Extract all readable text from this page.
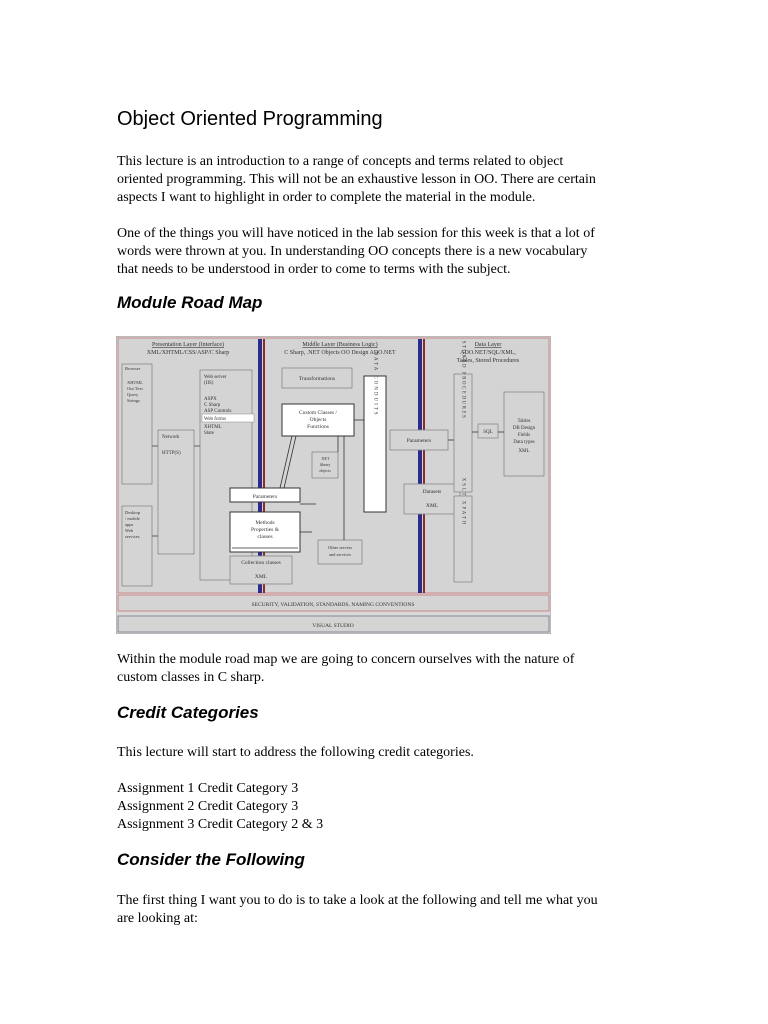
Object Oriented Programming

This lecture is an introduction to a range of concepts and terms related to object
oriented programming. This will not be an exhaustive lesson in OO. There are certain
aspects I want to highlight in order to complete the material in the module.

One of the things you will have noticed in the lab session for this week is that a lot of
words were thrown at you. In understanding OO concepts there is a new vocabulary
that needs to be understood in order to come to terms with the subject.

Module Road Map
Presentation Layer (Interface)
XML/XHTML/CSS/ASP/C Sharp
Middle Layer (Business Logic)
C Sharp, .NET Objects OO Design ADO.NET
Data Layer
ADO.NET/SQL/XML,
Tables, Stored Procedures
Browser
XHTML
Out Text
Query
Strings
Desktop
/ mobile
apps
Web
services
Network
HTTP(S)
Web server
(IIS)
ASPX
C Sharp
ASP Controls
Web forms
XHTML
State
Transformations
Custom Classes /
Objects
Functions
.NET
library
objects
Parameters
Methods
Properties &
classes
Collection classes
XML
Other servers
and services
DATA CONDUITS
Parameters
Datasets
XML
STORED PROCEDURES
XSLT XPATH
SQL
Tables
DB Design
Fields
Data types
XML
SECURITY, VALIDATION, STANDARDS, NAMING CONVENTIONS
VISUAL STUDIO

Within the module road map we are going to concern ourselves with the nature of
custom classes in C sharp.

Credit Categories

This lecture will start to address the following credit categories.

Assignment 1 Credit Category 3
Assignment 2 Credit Category 3
Assignment 3 Credit Category 2 & 3

Consider the Following

The first thing I want you to do is to take a look at the following and tell me what you
are looking at:
